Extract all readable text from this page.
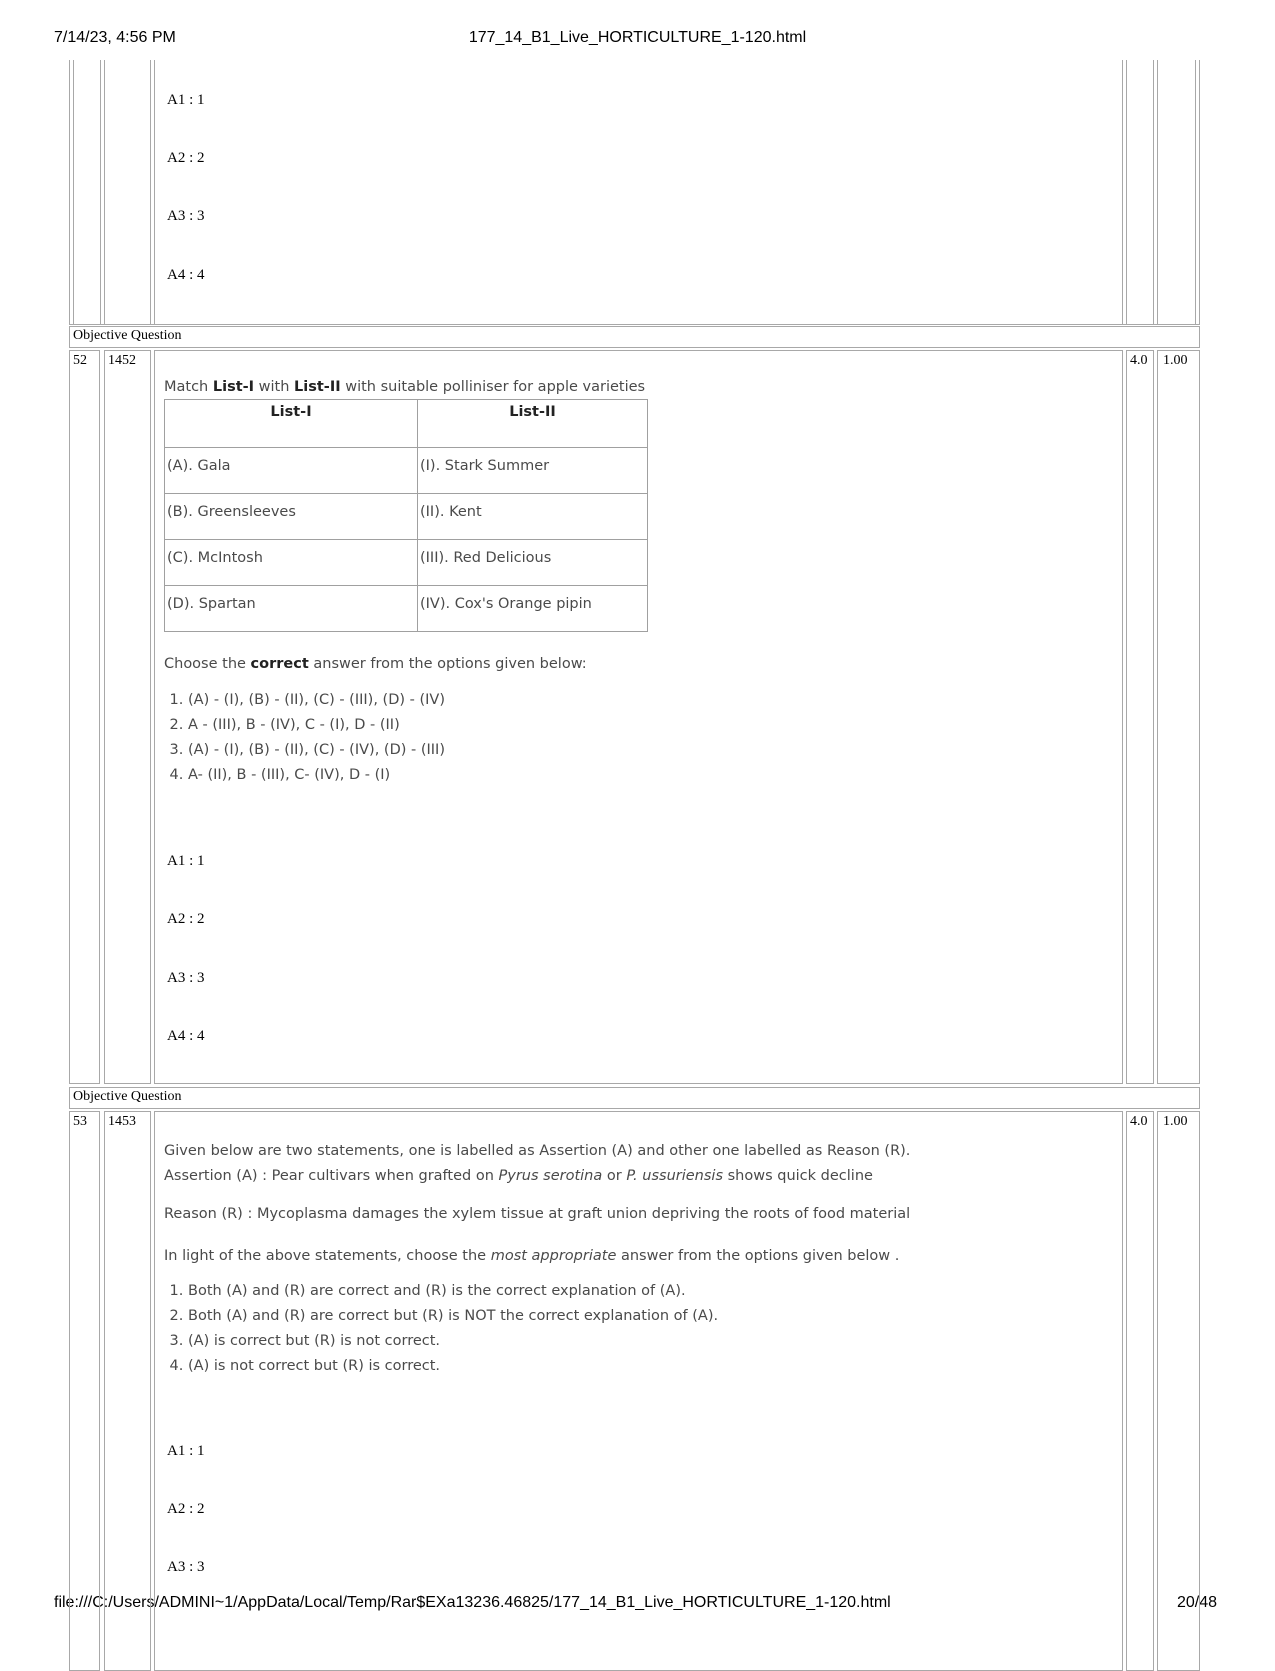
7/14/23, 4:56 PM	177_14_B1_Live_HORTICULTURE_1-120.html
file:///C:/Users/ADMINI~1/AppData/Local/Temp/Rar$EXa13236.46825/177_14_B1_Live_HORTICULTURE_1-120.html	20/48
A1 : 1
A2 : 2
A3 : 3
A4 : 4
Objective Question
52 1452	4.0 1.00
Match List-I with List-II with suitable polliniser for apple varieties
List-I	List-II
(A). Gala	(I). Stark Summer
(B). Greensleeves	(II). Kent
(C). McIntosh	(III). Red Delicious
(D). Spartan	(IV). Cox's Orange pipin
Choose the correct answer from the options given below:
1. (A) - (I), (B) - (II), (C) - (III), (D) - (IV)
2. A - (III), B - (IV), C - (I), D - (II)
3. (A) - (I), (B) - (II), (C) - (IV), (D) - (III)
4. A- (II), B - (III), C- (IV), D - (I)
A1 : 1
A2 : 2
A3 : 3
A4 : 4
Objective Question
53 1453	4.0 1.00

Given below are two statements, one is labelled as Assertion (A) and other one labelled as Reason (R).

Assertion (A) : Pear cultivars when grafted on Pyrus serotina or P. ussuriensis shows quick decline

Reason (R) : Mycoplasma damages the xylem tissue at graft union depriving the roots of food material
In light of the above statements, choose the most appropriate answer from the options given below .
1. Both (A) and (R) are correct and (R) is the correct explanation of (A).
2. Both (A) and (R) are correct but (R) is NOT the correct explanation of (A).
3. (A) is correct but (R) is not correct.
4. (A) is not correct but (R) is correct.
A1 : 1
A2 : 2
A3 : 3
